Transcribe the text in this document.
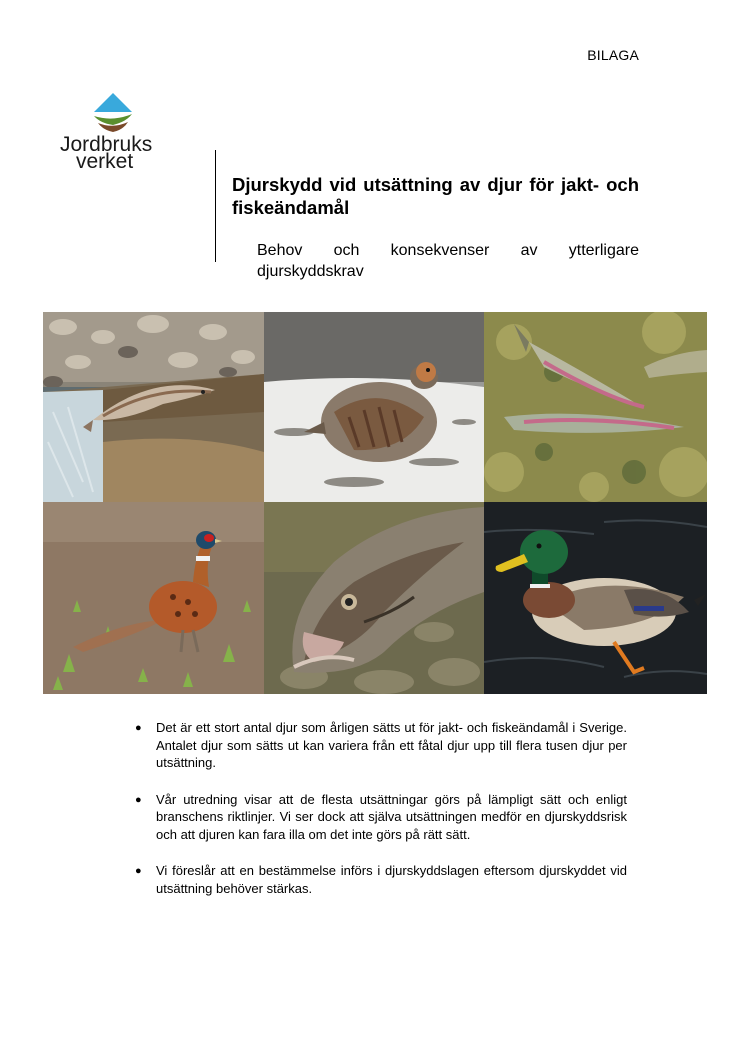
BILAGA
Jordbruks
verket
Djurskydd vid utsättning av djur för jakt- och fiskeändamål

Behov och konsekvenser av ytterligare djurskyddskrav

● Det är ett stort antal djur som årligen sätts ut för jakt- och fiskeändamål i Sverige. Antalet djur som sätts ut kan variera från ett fåtal djur upp till flera tusen djur per utsättning.
● Vår utredning visar att de flesta utsättningar görs på lämpligt sätt och enligt branschens riktlinjer. Vi ser dock att själva utsättningen medför en djurskyddsrisk och att djuren kan fara illa om det inte görs på rätt sätt.
● Vi föreslår att en bestämmelse införs i djurskyddslagen eftersom djurskyddet vid utsättning behöver stärkas.
